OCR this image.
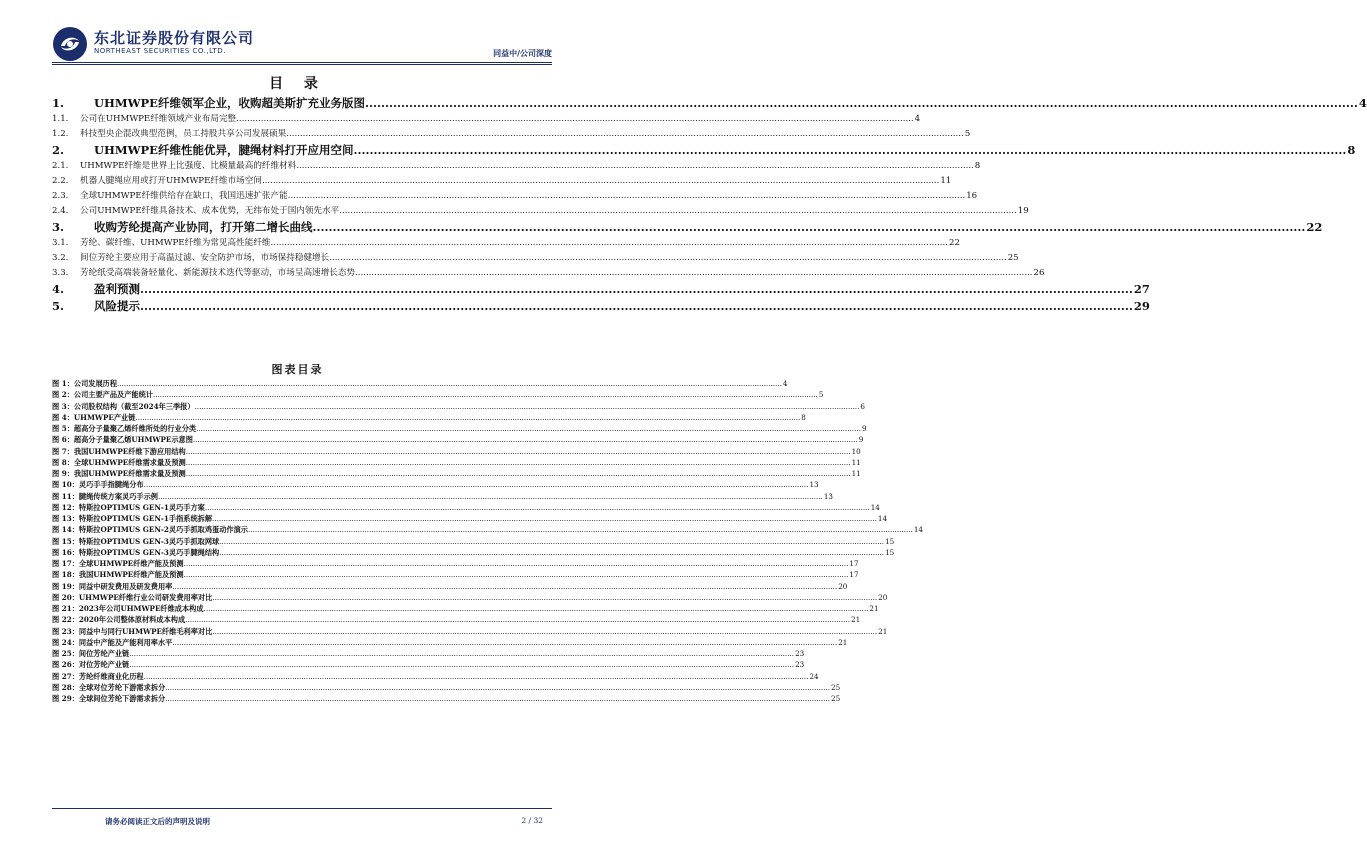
东北证券股份有限公司
NORTHEAST SECURITIES CO.,LTD.	同益中/公司深度
目 录
1.	UHMWPE纤维领军企业，收购超美斯扩充业务版图 .....	4
1.1.	公司在UHMWPE纤维领域产业布局完整 .....	4
1.2.	科技型央企混改典型范例，员工持股共享公司发展硕果 .....	5
2.	UHMWPE纤维性能优异，腱绳材料打开应用空间 .....	8
2.1.	UHMWPE纤维是世界上比强度、比模量最高的纤维材料 .....	8
2.2.	机器人腱绳应用或打开UHMWPE纤维市场空间 .....	11
2.3.	全球UHMWPE纤维供给存在缺口，我国迅速扩张产能 .....	16
2.4.	公司UHMWPE纤维具备技术、成本优势，无纬布处于国内领先水平 .....	19
3.	收购芳纶提高产业协同，打开第二增长曲线 .....	22
3.1.	芳纶、碳纤维、UHMWPE纤维为常见高性能纤维 .....	22
3.2.	间位芳纶主要应用于高温过滤、安全防护市场，市场保持稳健增长 .....	25
3.3.	芳纶纸受高端装备轻量化、新能源技术迭代等驱动，市场呈高速增长态势 .....	26
4.	盈利预测 .....	27
5.	风险提示 .....	29
图表目录
图 1：公司发展历程 .....	4
图 2：公司主要产品及产能统计 .....	5
图 3：公司股权结构（截至2024年三季报） .....	6
图 4：UHMWPE产业链 .....	8
图 5：超高分子量聚乙烯纤维所处的行业分类 .....	9
图 6：超高分子量聚乙烯UHMWPE示意图 .....	9
图 7：我国UHMWPE纤维下游应用结构 .....	10
图 8：全球UHMWPE纤维需求量及预测 .....	11
图 9：我国UHMWPE纤维需求量及预测 .....	11
图 10：灵巧手手指腱绳分布 .....	13
图 11：腱绳传统方案灵巧手示例 .....	13
图 12：特斯拉OPTIMUS GEN-1灵巧手方案 .....	14
图 13：特斯拉OPTIMUS GEN-1手指系统拆解 .....	14
图 14：特斯拉OPTIMUS GEN-2灵巧手抓取鸡蛋动作演示 .....	14
图 15：特斯拉OPTIMUS GEN-3灵巧手抓取网球 .....	15
图 16：特斯拉OPTIMUS GEN-3灵巧手腱绳结构 .....	15
图 17：全球UHMWPE纤维产能及预测 .....	17
图 18：我国UHMWPE纤维产能及预测 .....	17
图 19：同益中研发费用及研发费用率 .....	20
图 20：UHMWPE纤维行业公司研发费用率对比 .....	20
图 21：2023年公司UHMWPE纤维成本构成 .....	21
图 22：2020年公司整体原材料成本构成 .....	21
图 23：同益中与同行UHMWPE纤维毛利率对比 .....	21
图 24：同益中产能及产能利用率水平 .....	21
图 25：间位芳纶产业链 .....	23
图 26：对位芳纶产业链 .....	23
图 27：芳纶纤维商业化历程 .....	24
图 28：全球对位芳纶下游需求拆分 .....	25
图 29：全球间位芳纶下游需求拆分 .....	25
请务必阅读正文后的声明及说明	2 / 32
